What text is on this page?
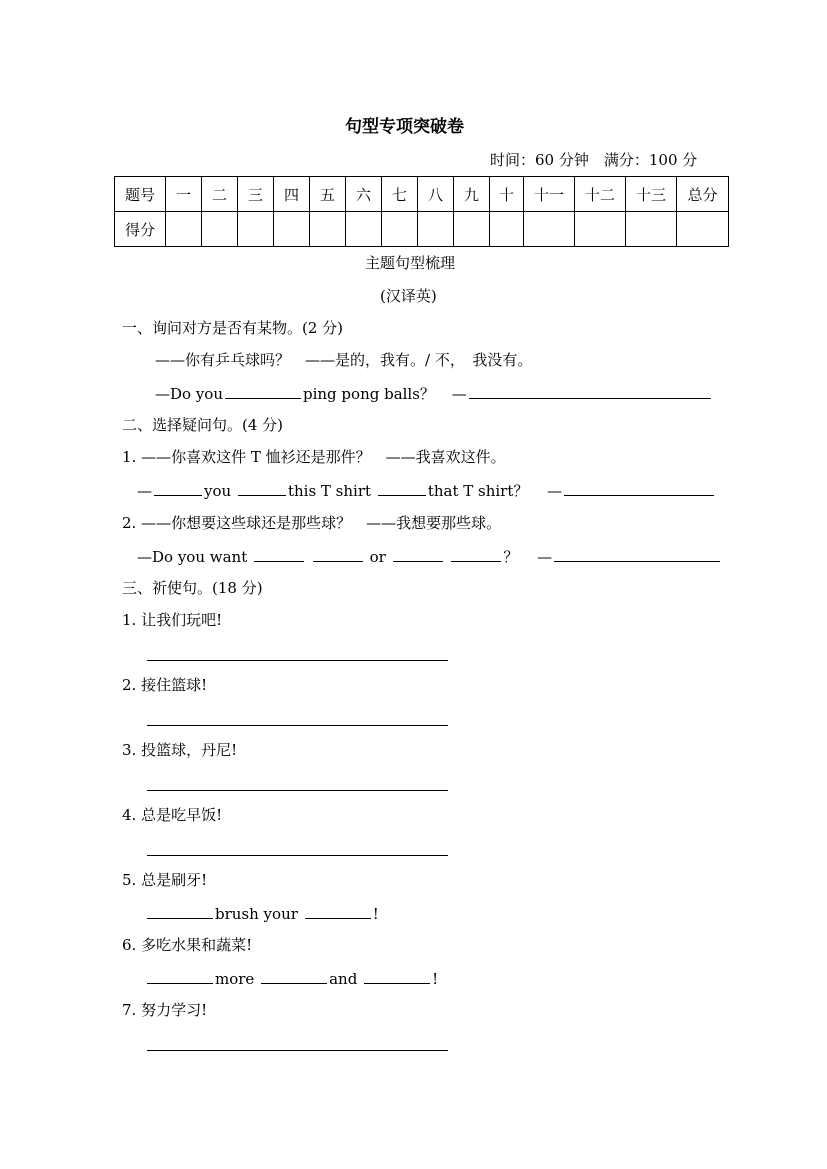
句型专项突破卷
时间：60 分钟　满分：100 分
题号	一	二	三	四	五	六	七	八	九	十	十一	十二	十三	总分
得分														
主题句型梳理
(汉译英)
一、询问对方是否有某物。(2 分)
——你有乒乓球吗？　——是的，我有。/ 不，　我没有。
—Do you	ping pong balls？ —
二、选择疑问句。(4 分)
1. ——你喜欢这件 T 恤衫还是那件？　——我喜欢这件。
—	you	this T shirt	that T shirt？ —
2. ——你想要这些球还是那些球？　——我想要那些球。
—Do you want	or	？ —
三、祈使句。(18 分)
1. 让我们玩吧!
2. 接住篮球!
3. 投篮球，丹尼!
4. 总是吃早饭!
5. 总是刷牙!
brush your	!
6. 多吃水果和蔬菜!
more	and	!
7. 努力学习!
